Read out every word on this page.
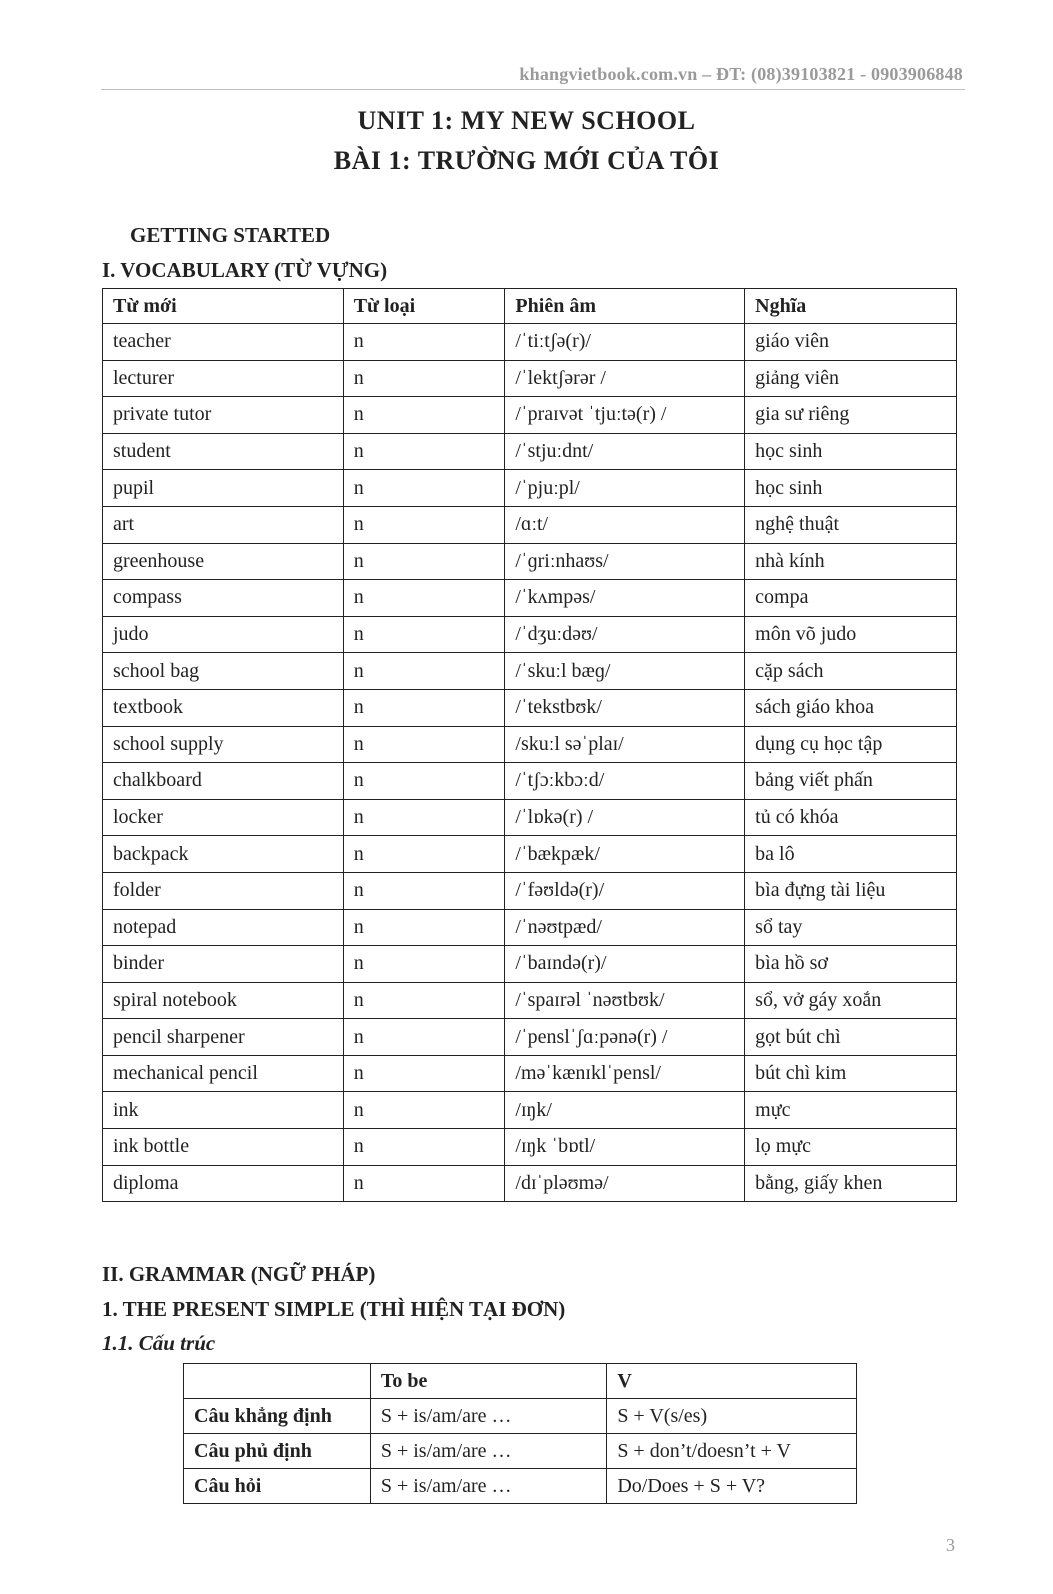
khangvietbook.com.vn – ĐT: (08)39103821 - 0903906848
UNIT 1: MY NEW SCHOOL
BÀI 1: TRƯỜNG MỚI CỦA TÔI
GETTING STARTED
I. VOCABULARY (TỪ VỰNG)
Từ mới	Từ loại	Phiên âm	Nghĩa
teacher	n	/ˈtiːtʃə(r)/	giáo viên
lecturer	n	/ˈlektʃərər /	giảng viên
private tutor	n	/ˈpraɪvət ˈtjuːtə(r) /	gia sư riêng
student	n	/ˈstjuːdnt/	học sinh
pupil	n	/ˈpjuːpl/	học sinh
art	n	/ɑːt/	nghệ thuật
greenhouse	n	/ˈɡriːnhaʊs/	nhà kính
compass	n	/ˈkʌmpəs/	compa
judo	n	/ˈdʒuːdəʊ/	môn võ judo
school bag	n	/ˈskuːl bæɡ/	cặp sách
textbook	n	/ˈtekstbʊk/	sách giáo khoa
school supply	n	/skuːl səˈplaɪ/	dụng cụ học tập
chalkboard	n	/ˈtʃɔːkbɔːd/	bảng viết phấn
locker	n	/ˈlɒkə(r) /	tủ có khóa
backpack	n	/ˈbækpæk/	ba lô
folder	n	/ˈfəʊldə(r)/	bìa đựng tài liệu
notepad	n	/ˈnəʊtpæd/	sổ tay
binder	n	/ˈbaɪndə(r)/	bìa hồ sơ
spiral notebook	n	/ˈspaɪrəl ˈnəʊtbʊk/	sổ, vở gáy xoắn
pencil sharpener	n	/ˈpenslˈʃɑːpənə(r) /	gọt bút chì
mechanical pencil	n	/məˈkænɪklˈpensl/	bút chì kim
ink	n	/ɪŋk/	mực
ink bottle	n	/ɪŋk ˈbɒtl/	lọ mực
diploma	n	/dɪˈpləʊmə/	bằng, giấy khen
II. GRAMMAR (NGỮ PHÁP)
1. THE PRESENT SIMPLE (THÌ HIỆN TẠI ĐƠN)
1.1. Cấu trúc
	To be	V
Câu khẳng định	S + is/am/are …	S + V(s/es)
Câu phủ định	S + is/am/are …	S + don’t/doesn’t + V
Câu hỏi	S + is/am/are …	Do/Does + S + V?
3
